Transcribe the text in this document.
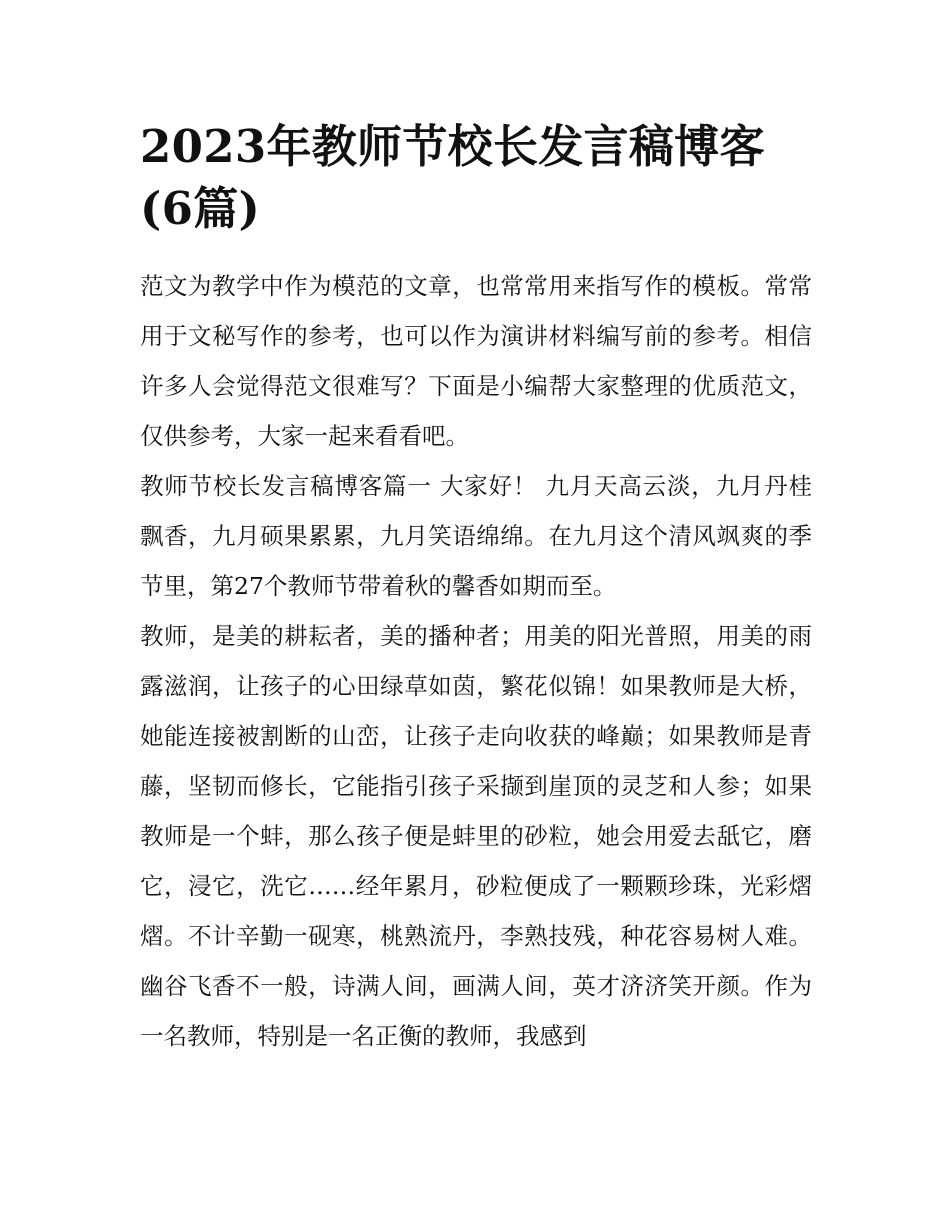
2023年教师节校长发言稿博客(6篇)

范文为教学中作为模范的文章，也常常用来指写作的模板。常常用于文秘写作的参考，也可以作为演讲材料编写前的参考。相信许多人会觉得范文很难写？下面是小编帮大家整理的优质范文，仅供参考，大家一起来看看吧。

教师节校长发言稿博客篇一 大家好！ 九月天高云淡，九月丹桂飘香，九月硕果累累，九月笑语绵绵。在九月这个清风飒爽的季节里，第27个教师节带着秋的馨香如期而至。

教师，是美的耕耘者，美的播种者；用美的阳光普照，用美的雨露滋润，让孩子的心田绿草如茵，繁花似锦！如果教师是大桥，她能连接被割断的山峦，让孩子走向收获的峰巅；如果教师是青藤，坚韧而修长，它能指引孩子采撷到崖顶的灵芝和人参；如果教师是一个蚌，那么孩子便是蚌里的砂粒，她会用爱去舐它，磨它，浸它，洗它……经年累月，砂粒便成了一颗颗珍珠，光彩熠熠。不计辛勤一砚寒，桃熟流丹，李熟技残，种花容易树人难。幽谷飞香不一般，诗满人间，画满人间，英才济济笑开颜。作为一名教师，特别是一名正衡的教师，我感到
